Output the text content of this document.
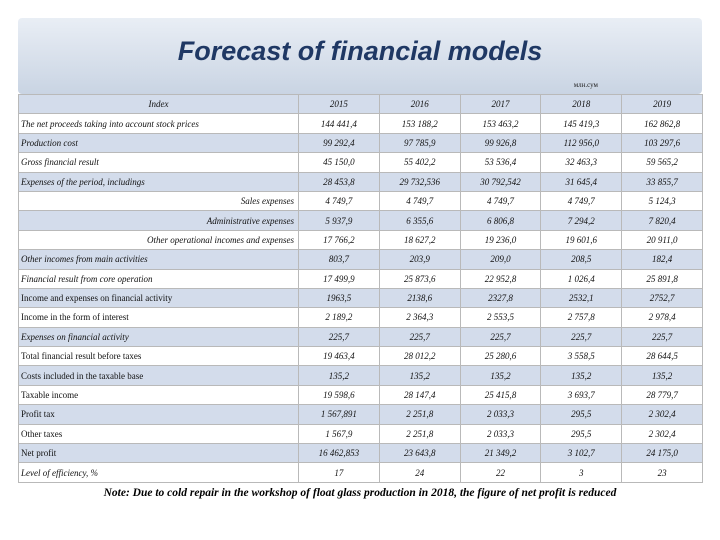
Forecast of financial models
млн.сум
Index	2015	2016	2017	2018	2019
The net proceeds taking into account stock prices	144 441,4	153 188,2	153 463,2	145 419,3	162 862,8
Production cost	99 292,4	97 785,9	99 926,8	112 956,0	103 297,6
Gross financial result	45 150,0	55 402,2	53 536,4	32 463,3	59 565,2
Expenses of the period, includings	28 453,8	29 732,536	30 792,542	31 645,4	33 855,7
Sales expenses	4 749,7	4 749,7	4 749,7	4 749,7	5 124,3
Administrative expenses	5 937,9	6 355,6	6 806,8	7 294,2	7 820,4
Other operational incomes and expenses	17 766,2	18 627,2	19 236,0	19 601,6	20 911,0
Other incomes from main activities	803,7	203,9	209,0	208,5	182,4
Financial result from core operation	17 499,9	25 873,6	22 952,8	1 026,4	25 891,8
Income and expenses on financial activity	1963,5	2138,6	2327,8	2532,1	2752,7
Income in the form of interest	2 189,2	2 364,3	2 553,5	2 757,8	2 978,4
Expenses on financial activity	225,7	225,7	225,7	225,7	225,7
Total financial result before taxes	19 463,4	28 012,2	25 280,6	3 558,5	28 644,5
Costs included in the taxable base	135,2	135,2	135,2	135,2	135,2
Taxable income	19 598,6	28 147,4	25 415,8	3 693,7	28 779,7
Profit tax	1 567,891	2 251,8	2 033,3	295,5	2 302,4
Other taxes	1 567,9	2 251,8	2 033,3	295,5	2 302,4
Net profit	16 462,853	23 643,8	21 349,2	3 102,7	24 175,0
Level of efficiency, %	17	24	22	3	23

Note: Due to cold repair in the workshop of float glass production in 2018, the figure of net profit is reduced
